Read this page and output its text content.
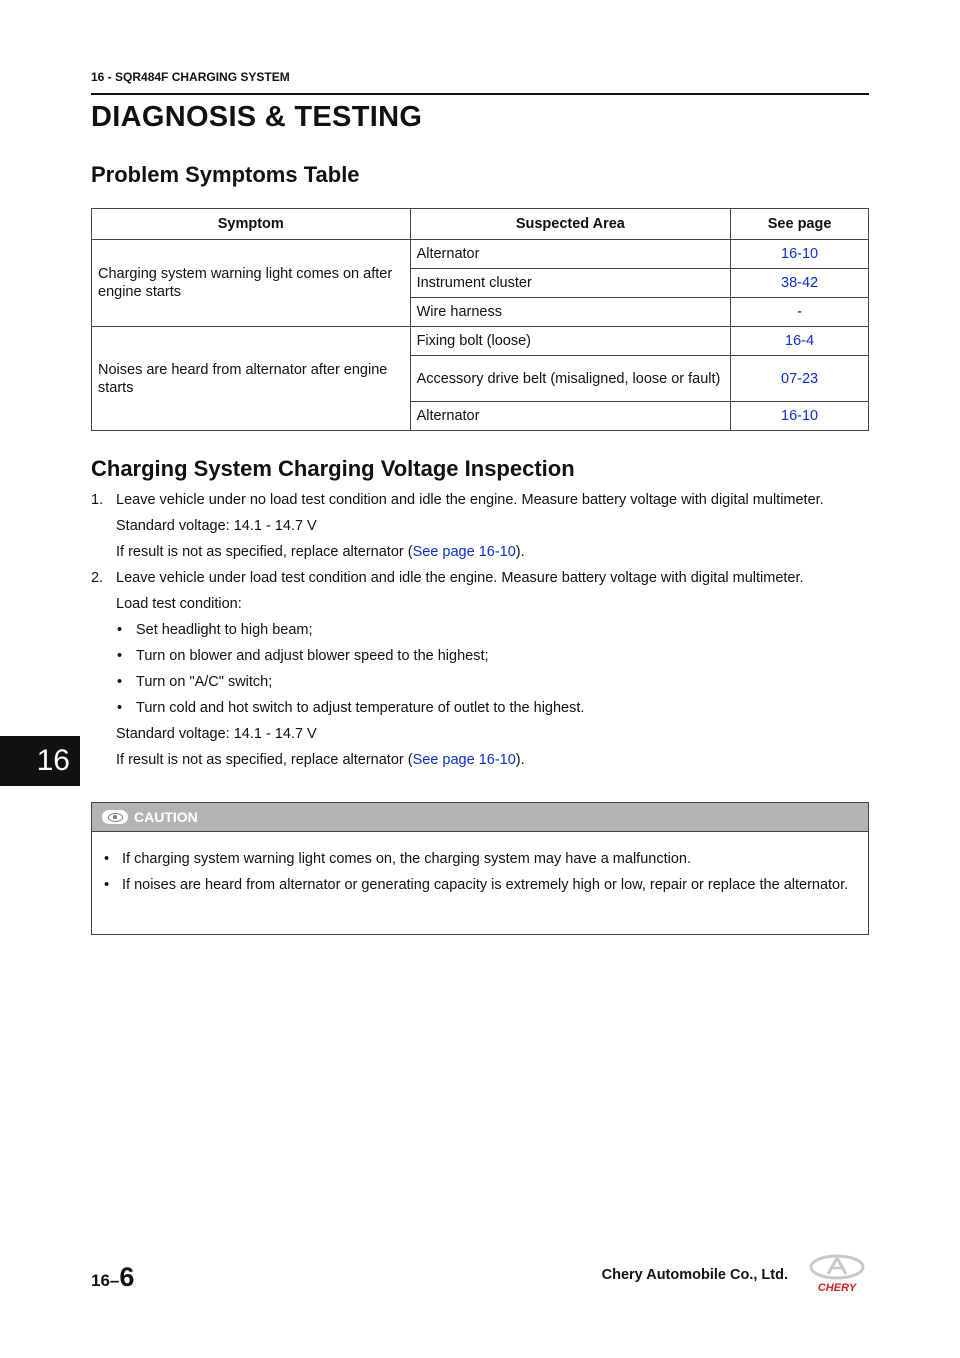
16 - SQR484F CHARGING SYSTEM
DIAGNOSIS & TESTING
Problem Symptoms Table
Symptom	Suspected Area	See page
Charging system warning light comes on after engine starts	Alternator	16-10
	Instrument cluster	38-42
	Wire harness	-
Noises are heard from alternator after engine starts	Fixing bolt (loose)	16-4
	Accessory drive belt (misaligned, loose or fault)	07-23
	Alternator	16-10
Charging System Charging Voltage Inspection
1. Leave vehicle under no load test condition and idle the engine. Measure battery voltage with digital multimeter.
Standard voltage: 14.1 - 14.7 V
If result is not as specified, replace alternator (See page 16-10).
2. Leave vehicle under load test condition and idle the engine. Measure battery voltage with digital multimeter.
Load test condition:
• Set headlight to high beam;
• Turn on blower and adjust blower speed to the highest;
• Turn on "A/C" switch;
• Turn cold and hot switch to adjust temperature of outlet to the highest.
Standard voltage: 14.1 - 14.7 V
If result is not as specified, replace alternator (See page 16-10).
16
CAUTION
• If charging system warning light comes on, the charging system may have a malfunction.
• If noises are heard from alternator or generating capacity is extremely high or low, repair or replace the alternator.
16–6	Chery Automobile Co., Ltd.
CHERY
